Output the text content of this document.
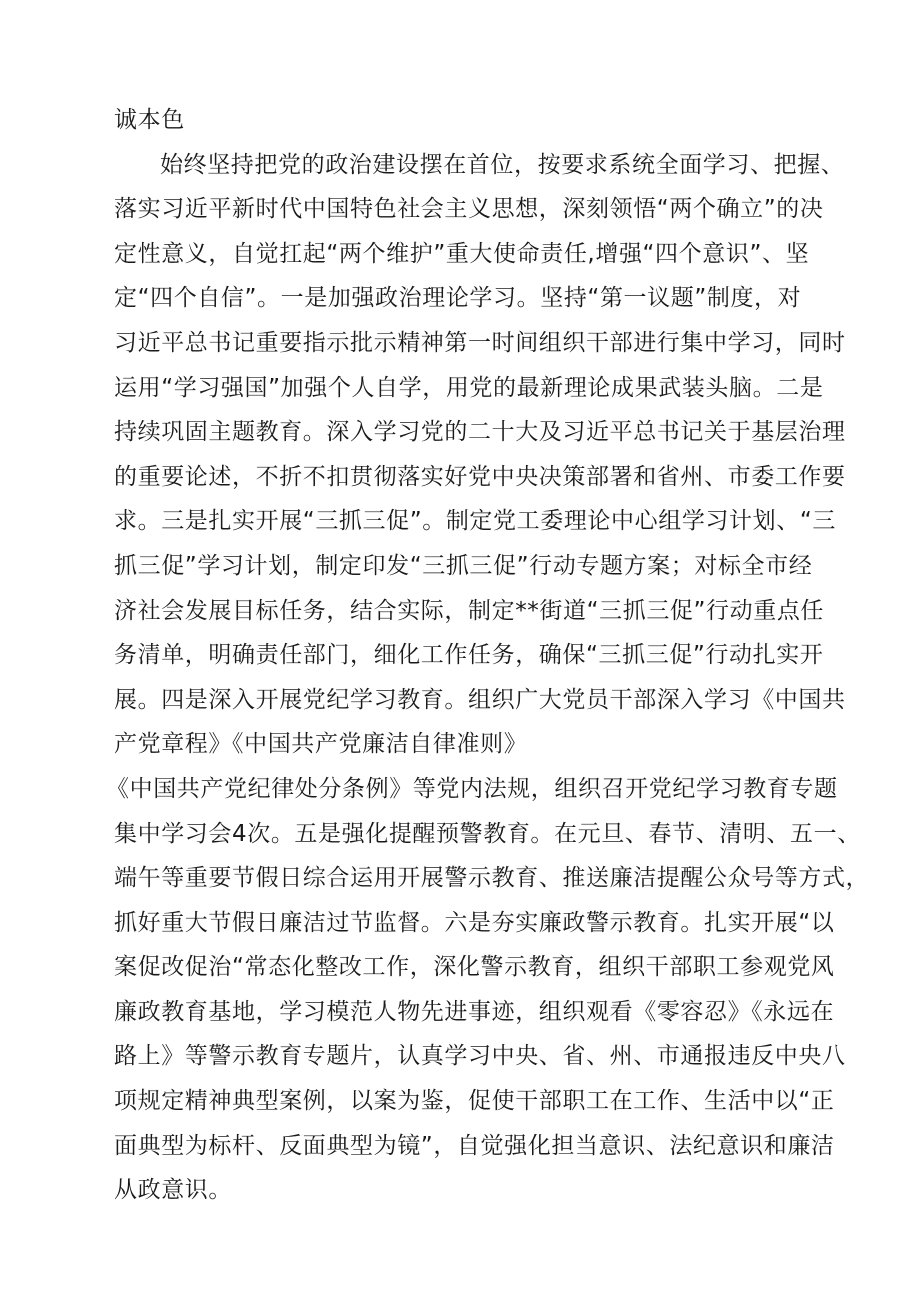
诚本色
始终坚持把党的政治建设摆在首位，按要求系统全面学习、把握、
落实习近平新时代中国特色社会主义思想，深刻领悟“两个确立”的决
定性意义，自觉扛起“两个维护”重大使命责任,增强“四个意识”、坚
定“四个自信”。一是加强政治理论学习。坚持“第一议题”制度，对
习近平总书记重要指示批示精神第一时间组织干部进行集中学习，同时
运用“学习强国”加强个人自学，用党的最新理论成果武装头脑。二是
持续巩固主题教育。深入学习党的二十大及习近平总书记关于基层治理
的重要论述，不折不扣贯彻落实好党中央决策部署和省州、市委工作要
求。三是扎实开展“三抓三促”。制定党工委理论中心组学习计划、“三
抓三促”学习计划，制定印发“三抓三促”行动专题方案；对标全市经
济社会发展目标任务，结合实际，制定**街道“三抓三促”行动重点任
务清单，明确责任部门，细化工作任务，确保“三抓三促”行动扎实开
展。四是深入开展党纪学习教育。组织广大党员干部深入学习《中国共
产党章程》《中国共产党廉洁自律准则》
《中国共产党纪律处分条例》等党内法规，组织召开党纪学习教育专题
集中学习会4次。五是强化提醒预警教育。在元旦、春节、清明、五一、
端午等重要节假日综合运用开展警示教育、推送廉洁提醒公众号等方式，
抓好重大节假日廉洁过节监督。六是夯实廉政警示教育。扎实开展“以
案促改促治“常态化整改工作，深化警示教育，组织干部职工参观党风
廉政教育基地，学习模范人物先进事迹，组织观看《零容忍》《永远在
路上》等警示教育专题片，认真学习中央、省、州、市通报违反中央八
项规定精神典型案例，以案为鉴，促使干部职工在工作、生活中以“正
面典型为标杆、反面典型为镜”，自觉强化担当意识、法纪意识和廉洁
从政意识。
